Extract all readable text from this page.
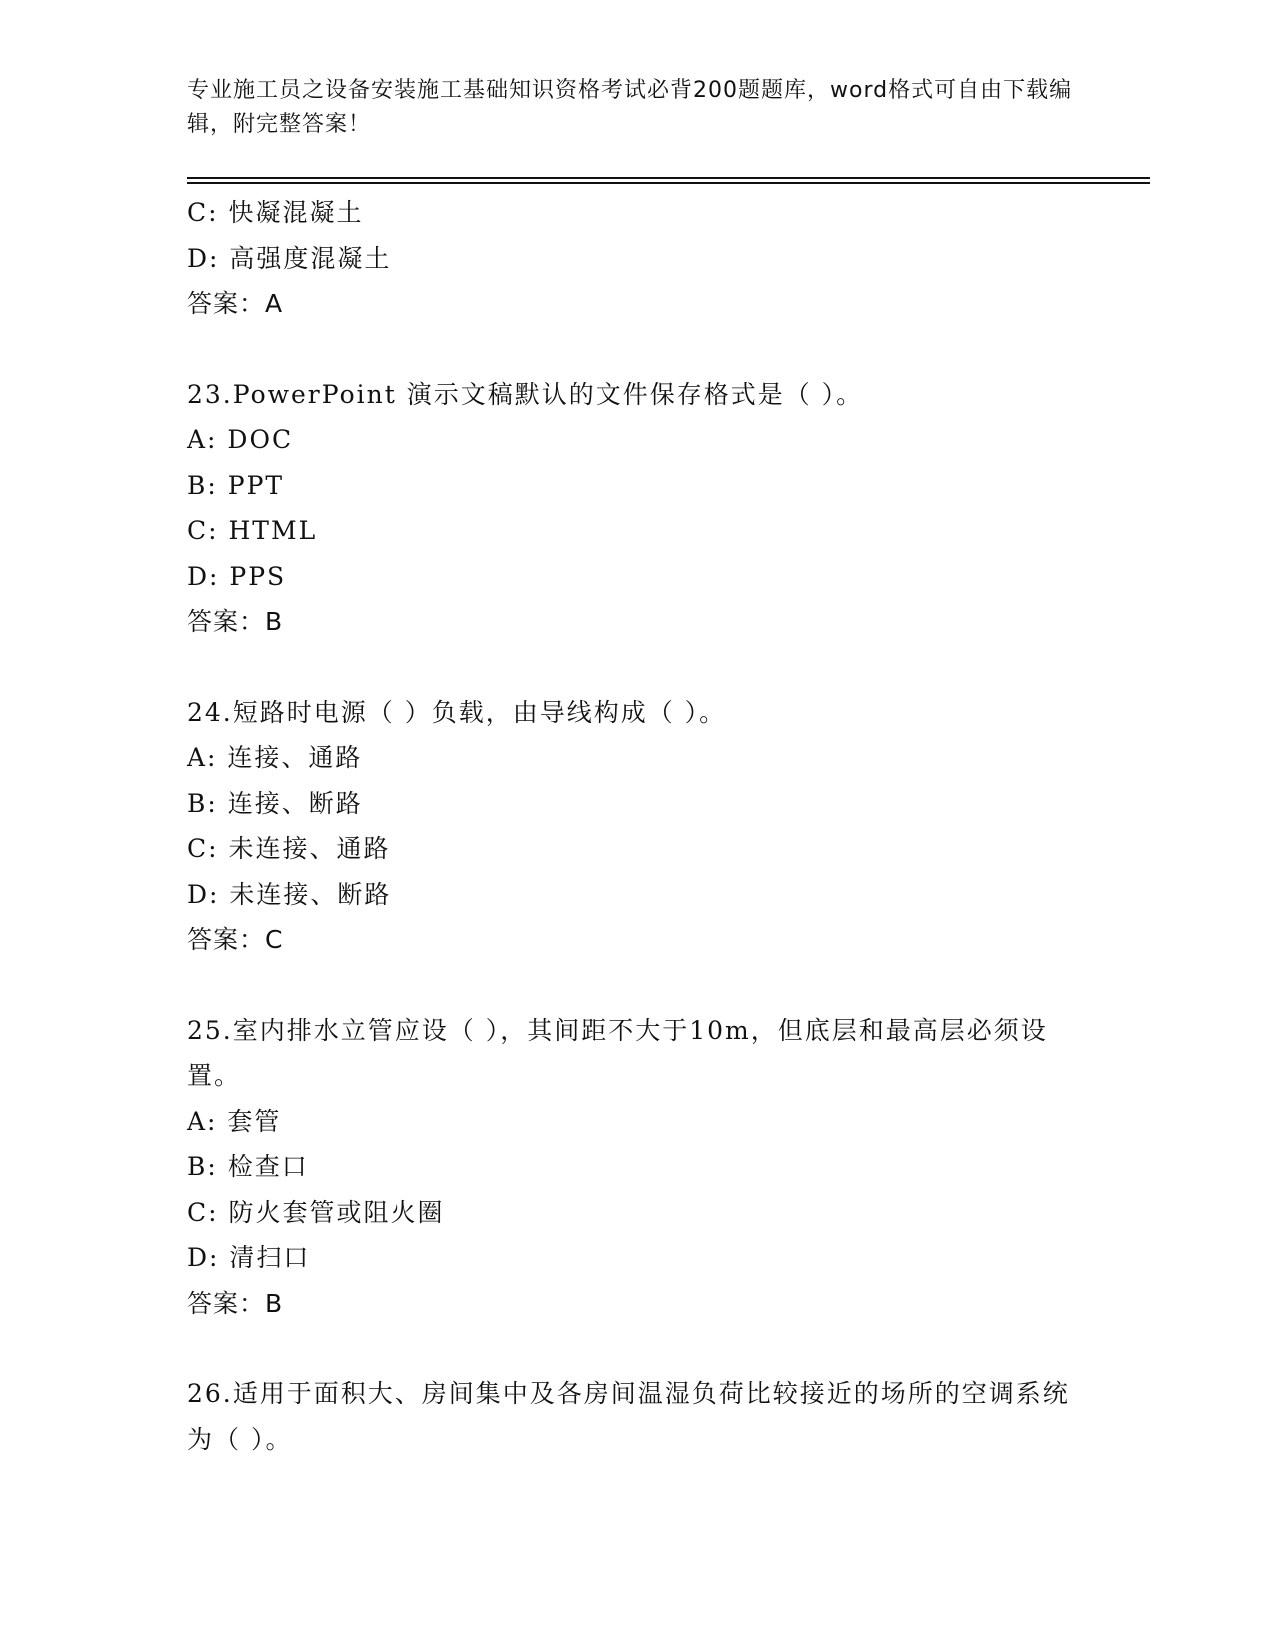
专业施工员之设备安装施工基础知识资格考试必背200题题库，word格式可自由下载编辑，附完整答案！
C: 快凝混凝土
D: 高强度混凝土
答案：A
23.PowerPoint 演示文稿默认的文件保存格式是（ ）。
A: DOC
B: PPT
C: HTML
D: PPS
答案：B
24.短路时电源（ ）负载，由导线构成（ ）。
A: 连接、通路
B: 连接、断路
C: 未连接、通路
D: 未连接、断路
答案：C
25.室内排水立管应设（ ），其间距不大于10m，但底层和最高层必须设置。
A: 套管
B: 检查口
C: 防火套管或阻火圈
D: 清扫口
答案：B
26.适用于面积大、房间集中及各房间温湿负荷比较接近的场所的空调系统为（ ）。
